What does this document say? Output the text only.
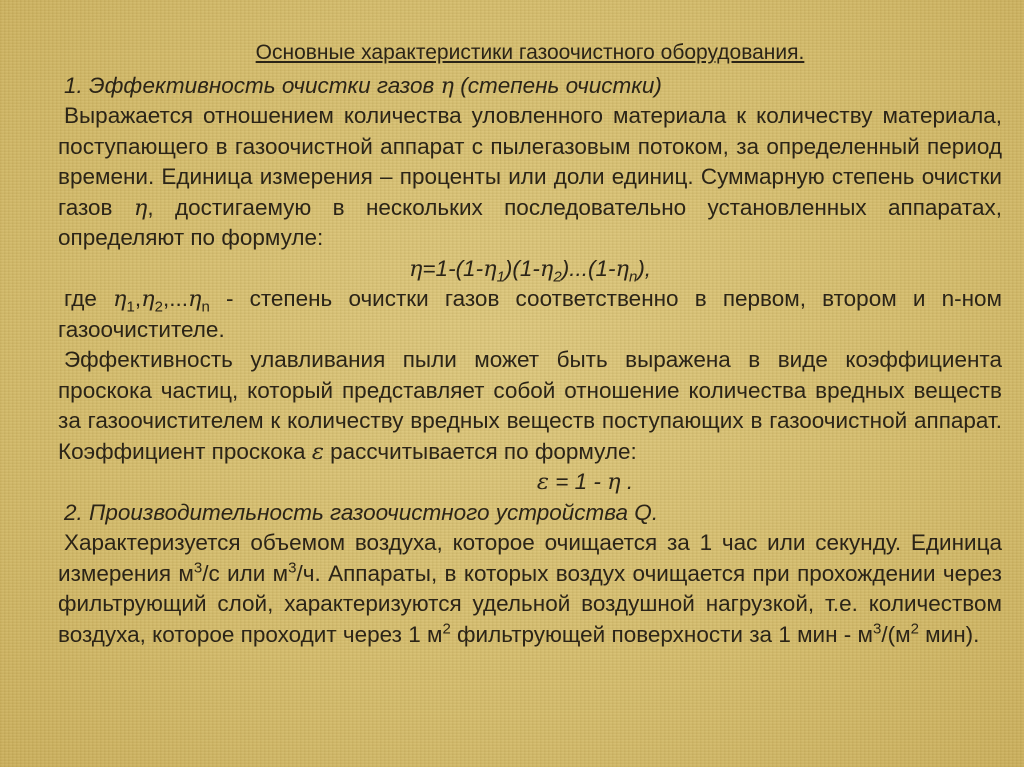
Основные характеристики газоочистного оборудования.

1. Эффективность очистки газов η (степень очистки)

Выражается отношением количества уловленного материала к количеству материала, поступающего в газоочистной аппарат с пылегазовым потоком, за определенный период времени. Единица измерения – проценты или доли единиц. Суммарную степень очистки газов η, достигаемую в нескольких последовательно установленных аппаратах, определяют по формуле:

$\eta=1-(1-\eta_1)(1-\eta_2)...(1-\eta_n)$,

где $\eta_1,\eta_2,...\eta_n$ - степень очистки газов соответственно в первом, втором и n-ном газоочистителе.

Эффективность улавливания пыли может быть выражена в виде коэффициента проскока частиц, который представляет собой отношение количества вредных веществ за газоочистителем к количеству вредных веществ поступающих в газоочистной аппарат. Коэффициент проскока ε рассчитывается по формуле:

ε = 1 - η .

2. Производительность газоочистного устройства Q.

Характеризуется объемом воздуха, которое очищается за 1 час или секунду. Единица измерения $м^3/с$ или $м^3/ч$. Аппараты, в которых воздух очищается при прохождении через фильтрующий слой, характеризуются удельной воздушной нагрузкой, т.е. количеством воздуха, которое проходит через 1 $м^2$ фильтрующей поверхности за 1 мин - $м^3/(м^2$ мин).
